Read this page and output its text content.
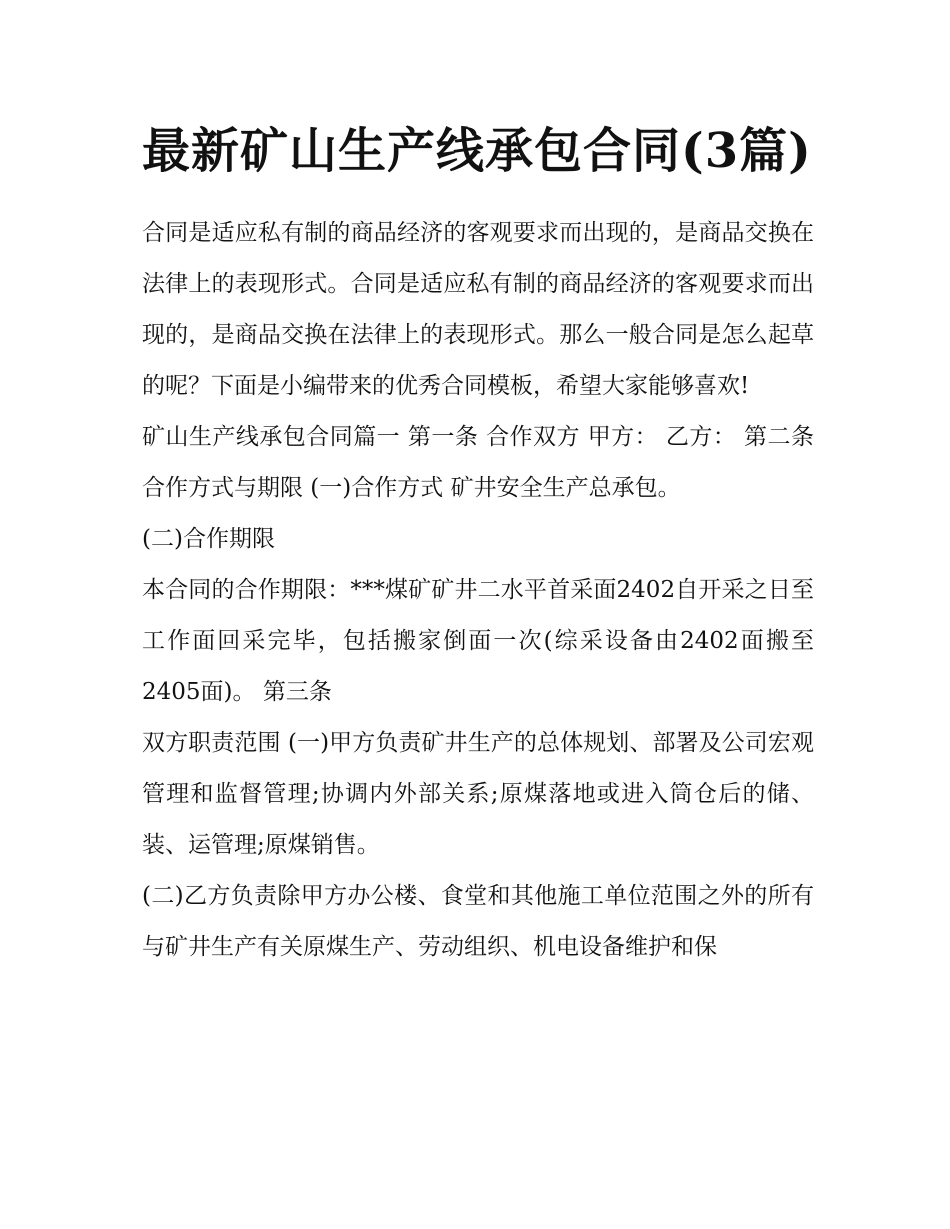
最新矿山生产线承包合同(3篇)

合同是适应私有制的商品经济的客观要求而出现的，是商品交换在法律上的表现形式。合同是适应私有制的商品经济的客观要求而出现的，是商品交换在法律上的表现形式。那么一般合同是怎么起草的呢？下面是小编带来的优秀合同模板，希望大家能够喜欢!

矿山生产线承包合同篇一 第一条 合作双方 甲方： 乙方： 第二条 合作方式与期限 (一)合作方式 矿井安全生产总承包。

(二)合作期限

本合同的合作期限：***煤矿矿井二水平首采面2402自开采之日至工作面回采完毕，包括搬家倒面一次(综采设备由2402面搬至2405面)。 第三条

双方职责范围 (一)甲方负责矿井生产的总体规划、部署及公司宏观管理和监督管理;协调内外部关系;原煤落地或进入筒仓后的储、装、运管理;原煤销售。

(二)乙方负责除甲方办公楼、食堂和其他施工单位范围之外的所有与矿井生产有关原煤生产、劳动组织、机电设备维护和保
